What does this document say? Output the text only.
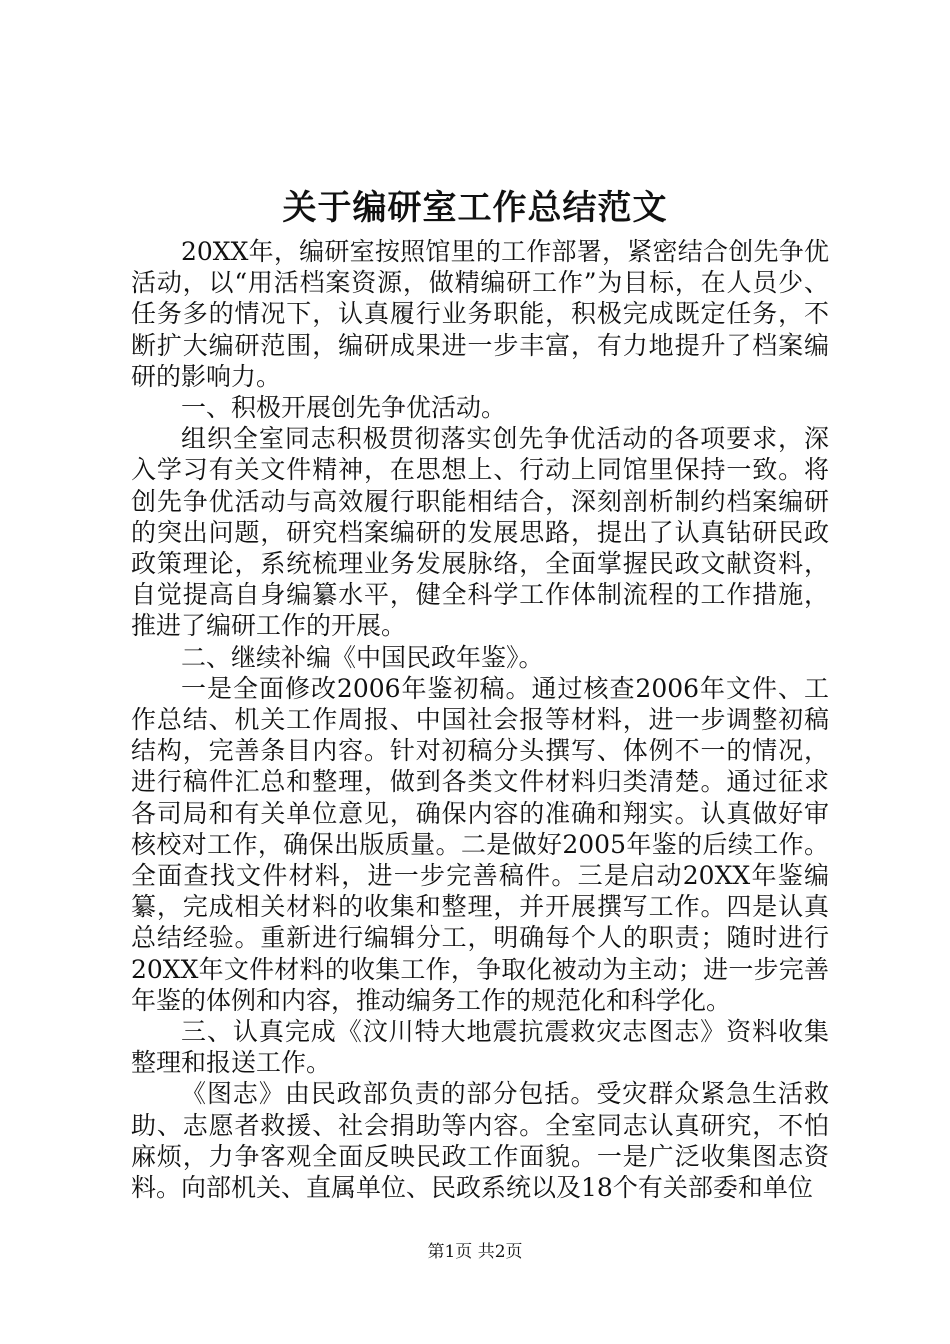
关于编研室工作总结范文

20XX年，编研室按照馆里的工作部署，紧密结合创先争优活动，以“用活档案资源，做精编研工作”为目标，在人员少、任务多的情况下，认真履行业务职能，积极完成既定任务，不断扩大编研范围，编研成果进一步丰富，有力地提升了档案编研的影响力。

一、积极开展创先争优活动。

组织全室同志积极贯彻落实创先争优活动的各项要求，深入学习有关文件精神，在思想上、行动上同馆里保持一致。将创先争优活动与高效履行职能相结合，深刻剖析制约档案编研的突出问题，研究档案编研的发展思路，提出了认真钻研民政政策理论，系统梳理业务发展脉络，全面掌握民政文献资料，自觉提高自身编纂水平，健全科学工作体制流程的工作措施，推进了编研工作的开展。

二、继续补编《中国民政年鉴》。

一是全面修改2006年鉴初稿。通过核查2006年文件、工作总结、机关工作周报、中国社会报等材料，进一步调整初稿结构，完善条目内容。针对初稿分头撰写、体例不一的情况，进行稿件汇总和整理，做到各类文件材料归类清楚。通过征求各司局和有关单位意见，确保内容的准确和翔实。认真做好审核校对工作，确保出版质量。二是做好2005年鉴的后续工作。全面查找文件材料，进一步完善稿件。三是启动20XX年鉴编纂，完成相关材料的收集和整理，并开展撰写工作。四是认真总结经验。重新进行编辑分工，明确每个人的职责；随时进行20XX年文件材料的收集工作，争取化被动为主动；进一步完善年鉴的体例和内容，推动编务工作的规范化和科学化。

三、认真完成《汶川特大地震抗震救灾志图志》资料收集整理和报送工作。

《图志》由民政部负责的部分包括。受灾群众紧急生活救助、志愿者救援、社会捐助等内容。全室同志认真研究，不怕麻烦，力争客观全面反映民政工作面貌。一是广泛收集图志资料。向部机关、直属单位、民政系统以及18个有关部委和单位

第1页 共2页
